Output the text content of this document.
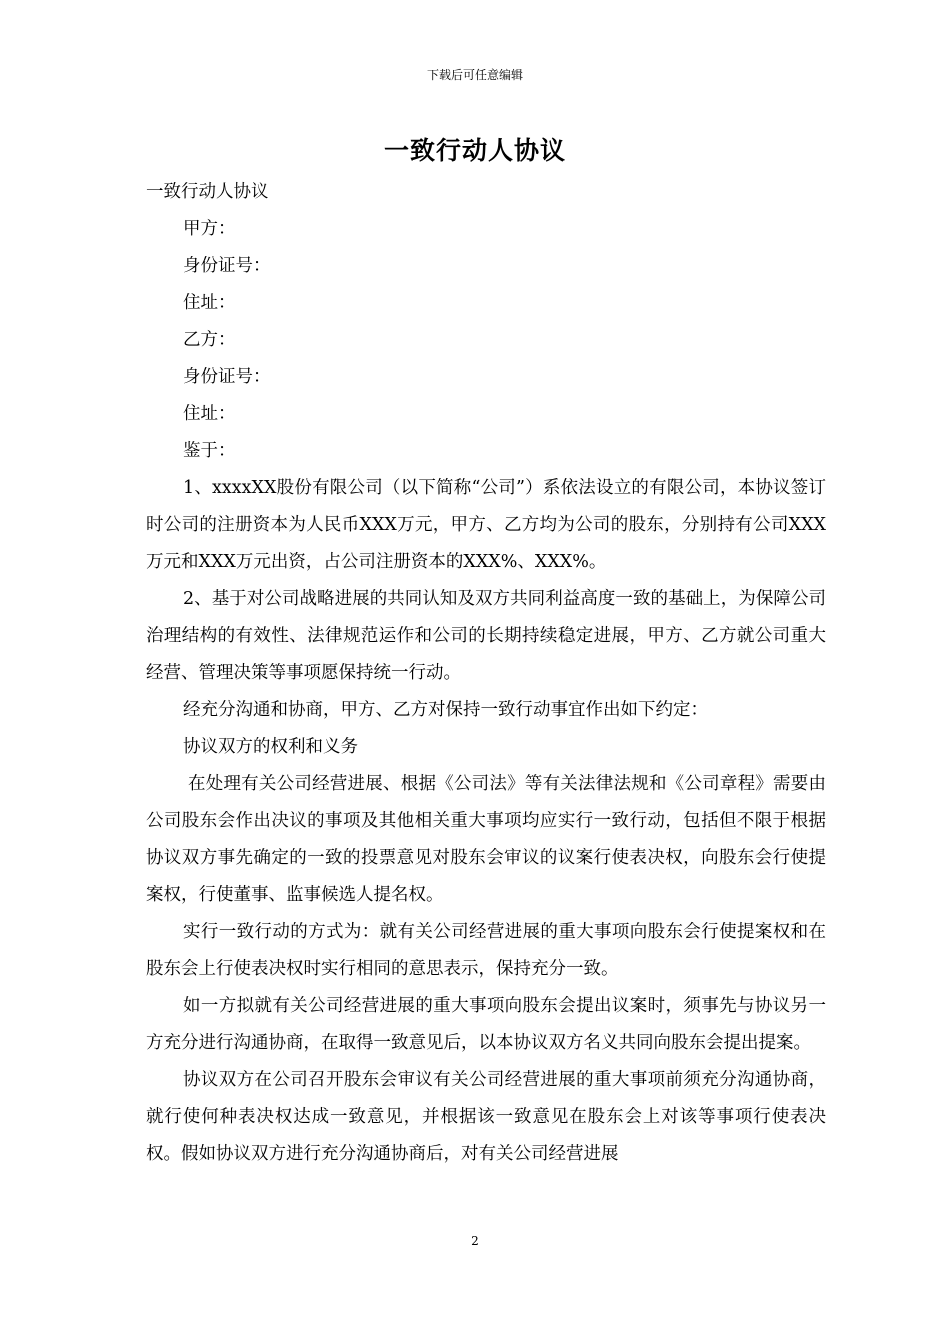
下载后可任意编辑
一致行动人协议

一致行动人协议

甲方：

身份证号：

住址：

乙方：

身份证号：

住址：

鉴于：

1、xxxxXX股份有限公司（以下简称“公司”）系依法设立的有限公司，本协议签订时公司的注册资本为人民币XXX万元，甲方、乙方均为公司的股东，分别持有公司XXX万元和XXX万元出资，占公司注册资本的XXX%、XXX%。

2、基于对公司战略进展的共同认知及双方共同利益高度一致的基础上，为保障公司治理结构的有效性、法律规范运作和公司的长期持续稳定进展，甲方、乙方就公司重大经营、管理决策等事项愿保持统一行动。

经充分沟通和协商，甲方、乙方对保持一致行动事宜作出如下约定：

协议双方的权利和义务

在处理有关公司经营进展、根据《公司法》等有关法律法规和《公司章程》需要由公司股东会作出决议的事项及其他相关重大事项均应实行一致行动，包括但不限于根据协议双方事先确定的一致的投票意见对股东会审议的议案行使表决权，向股东会行使提案权，行使董事、监事候选人提名权。

实行一致行动的方式为：就有关公司经营进展的重大事项向股东会行使提案权和在股东会上行使表决权时实行相同的意思表示，保持充分一致。

如一方拟就有关公司经营进展的重大事项向股东会提出议案时，须事先与协议另一方充分进行沟通协商，在取得一致意见后，以本协议双方名义共同向股东会提出提案。

协议双方在公司召开股东会审议有关公司经营进展的重大事项前须充分沟通协商，就行使何种表决权达成一致意见，并根据该一致意见在股东会上对该等事项行使表决权。假如协议双方进行充分沟通协商后，对有关公司经营进展

2
